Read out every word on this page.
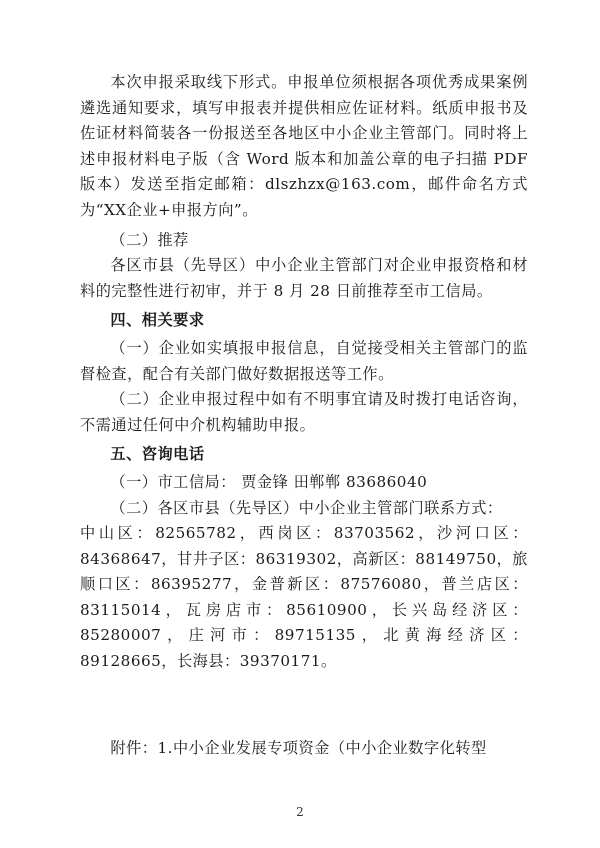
本次申报采取线下形式。申报单位须根据各项优秀成果案例遴选通知要求，填写申报表并提供相应佐证材料。纸质申报书及佐证材料简装各一份报送至各地区中小企业主管部门。同时将上述申报材料电子版（含 Word 版本和加盖公章的电子扫描 PDF 版本）发送至指定邮箱：dlszhzx@163.com，邮件命名方式为“XX企业+申报方向”。

（二）推荐

各区市县（先导区）中小企业主管部门对企业申报资格和材料的完整性进行初审，并于 8 月 28 日前推荐至市工信局。

四、相关要求

（一）企业如实填报申报信息，自觉接受相关主管部门的监督检查，配合有关部门做好数据报送等工作。

（二）企业申报过程中如有不明事宜请及时拨打电话咨询，不需通过任何中介机构辅助申报。

五、咨询电话

（一）市工信局： 贾金锋 田郸郸 83686040

（二）各区市县（先导区）中小企业主管部门联系方式：

中山区：82565782，西岗区：83703562，沙河口区：84368647，甘井子区：86319302，高新区：88149750，旅顺口区：86395277，金普新区：87576080，普兰店区：83115014，瓦房店市：85610900，长兴岛经济区：85280007，庄河市：89715135，北黄海经济区：89128665，长海县：39370171。

附件：1.中小企业发展专项资金（中小企业数字化转型
2
